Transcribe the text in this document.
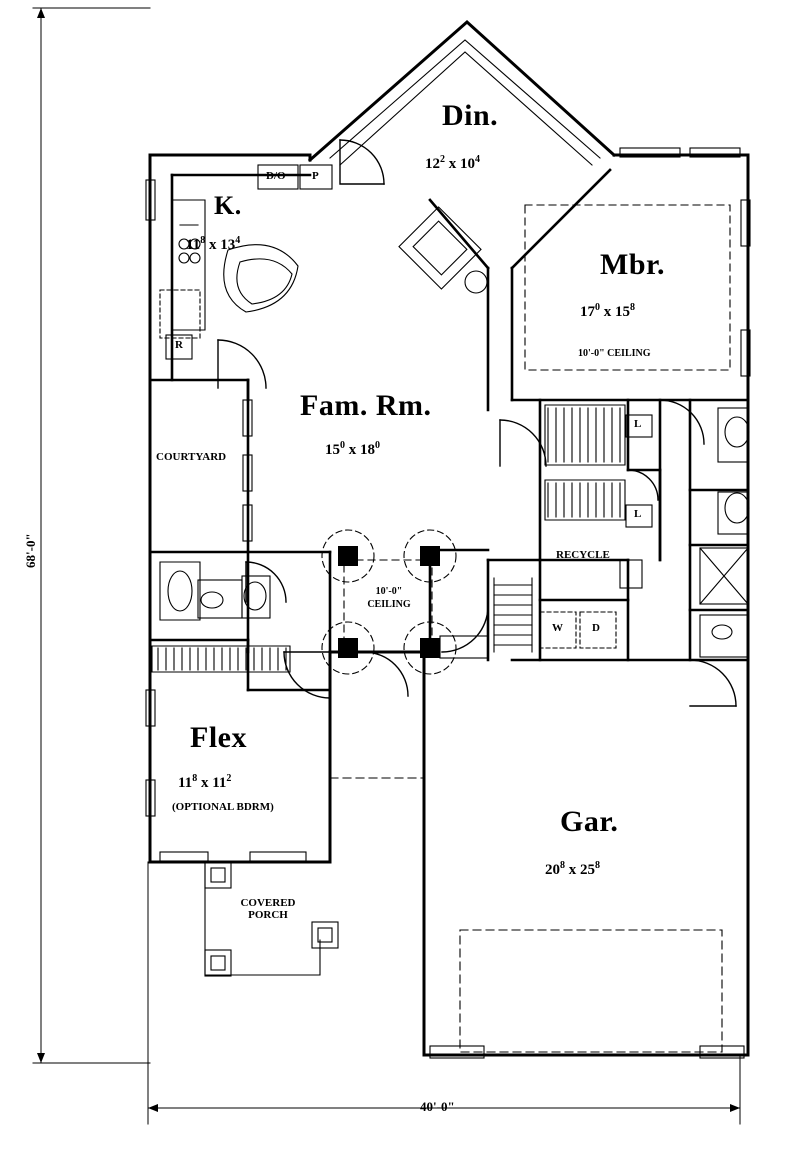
Din.
$12^2$ x $10^4$
K.
$11^8$ x $13^4$
D/O P
R
W	D
L
L
Mbr.
$17^0$ x $15^8$
10'-0" CEILING
Fam. Rm.
$15^0$ x $18^0$
COURTYARD
RECYCLE
10'-0"
CEILING
Flex
$11^8$ x $11^2$
(OPTIONAL BDRM)
COVERED
PORCH
Gar.
$20^8$ x $25^8$
68'-0"
40'-0"
